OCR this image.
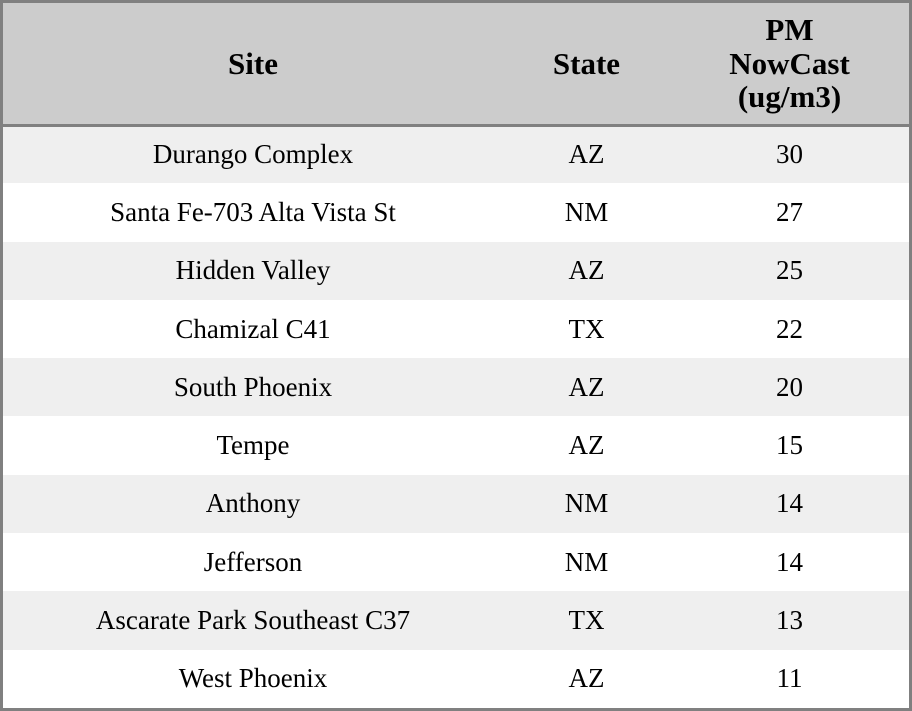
Site	State	PM
NowCast
(ug/m3)

Durango Complex	AZ	30
Santa Fe-703 Alta Vista St	NM	27
Hidden Valley	AZ	25
Chamizal C41	TX	22
South Phoenix	AZ	20
Tempe	AZ	15
Anthony	NM	14
Jefferson	NM	14
Ascarate Park Southeast C37	TX	13
West Phoenix	AZ	11
